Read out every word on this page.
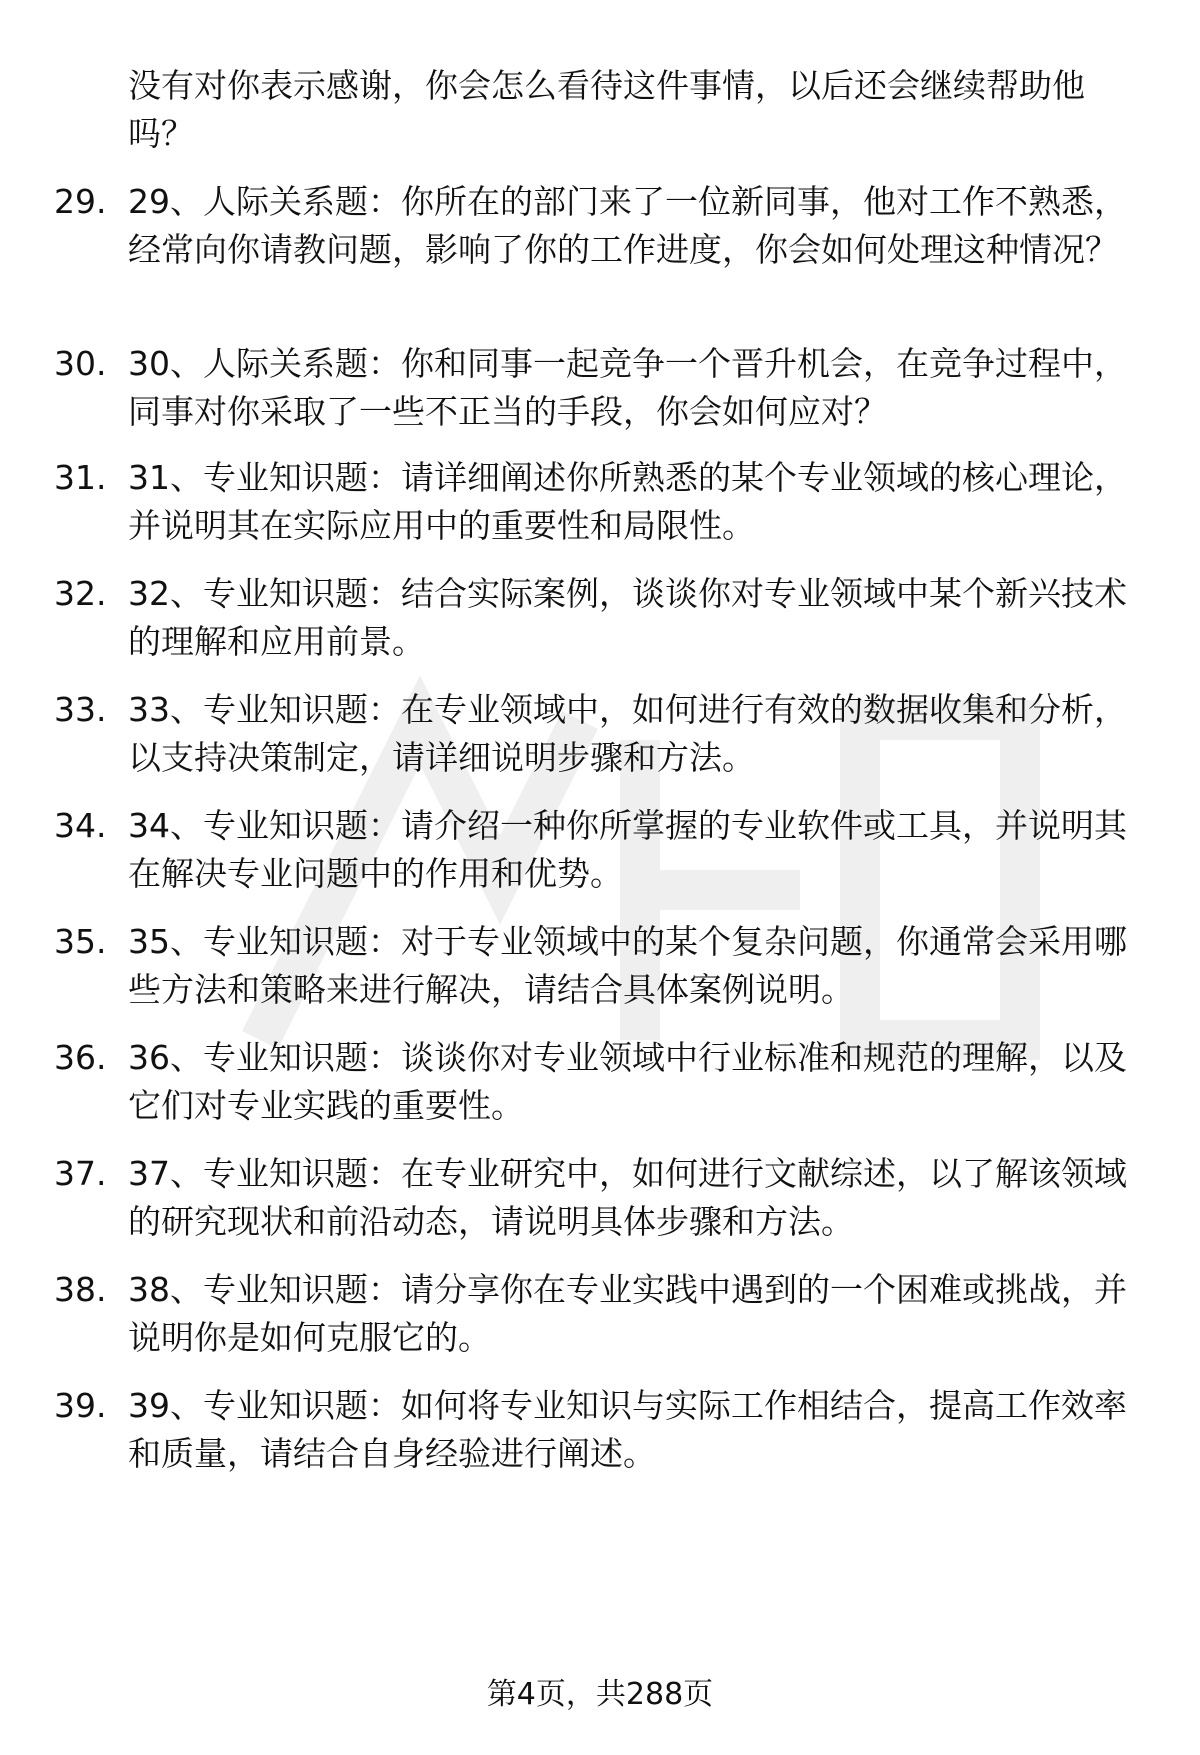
没有对你表示感谢，你会怎么看待这件事情，以后还会继续帮助他吗？
29. 29、人际关系题：你所在的部门来了一位新同事，他对工作不熟悉，经常向你请教问题，影响了你的工作进度，你会如何处理这种情况？
30. 30、人际关系题：你和同事一起竞争一个晋升机会，在竞争过程中，同事对你采取了一些不正当的手段，你会如何应对？
31. 31、专业知识题：请详细阐述你所熟悉的某个专业领域的核心理论，并说明其在实际应用中的重要性和局限性。
32. 32、专业知识题：结合实际案例，谈谈你对专业领域中某个新兴技术的理解和应用前景。
33. 33、专业知识题：在专业领域中，如何进行有效的数据收集和分析，以支持决策制定，请详细说明步骤和方法。
34. 34、专业知识题：请介绍一种你所掌握的专业软件或工具，并说明其在解决专业问题中的作用和优势。
35. 35、专业知识题：对于专业领域中的某个复杂问题，你通常会采用哪些方法和策略来进行解决，请结合具体案例说明。
36. 36、专业知识题：谈谈你对专业领域中行业标准和规范的理解，以及它们对专业实践的重要性。
37. 37、专业知识题：在专业研究中，如何进行文献综述，以了解该领域的研究现状和前沿动态，请说明具体步骤和方法。
38. 38、专业知识题：请分享你在专业实践中遇到的一个困难或挑战，并说明你是如何克服它的。
39. 39、专业知识题：如何将专业知识与实际工作相结合，提高工作效率和质量，请结合自身经验进行阐述。
第4页，共288页
